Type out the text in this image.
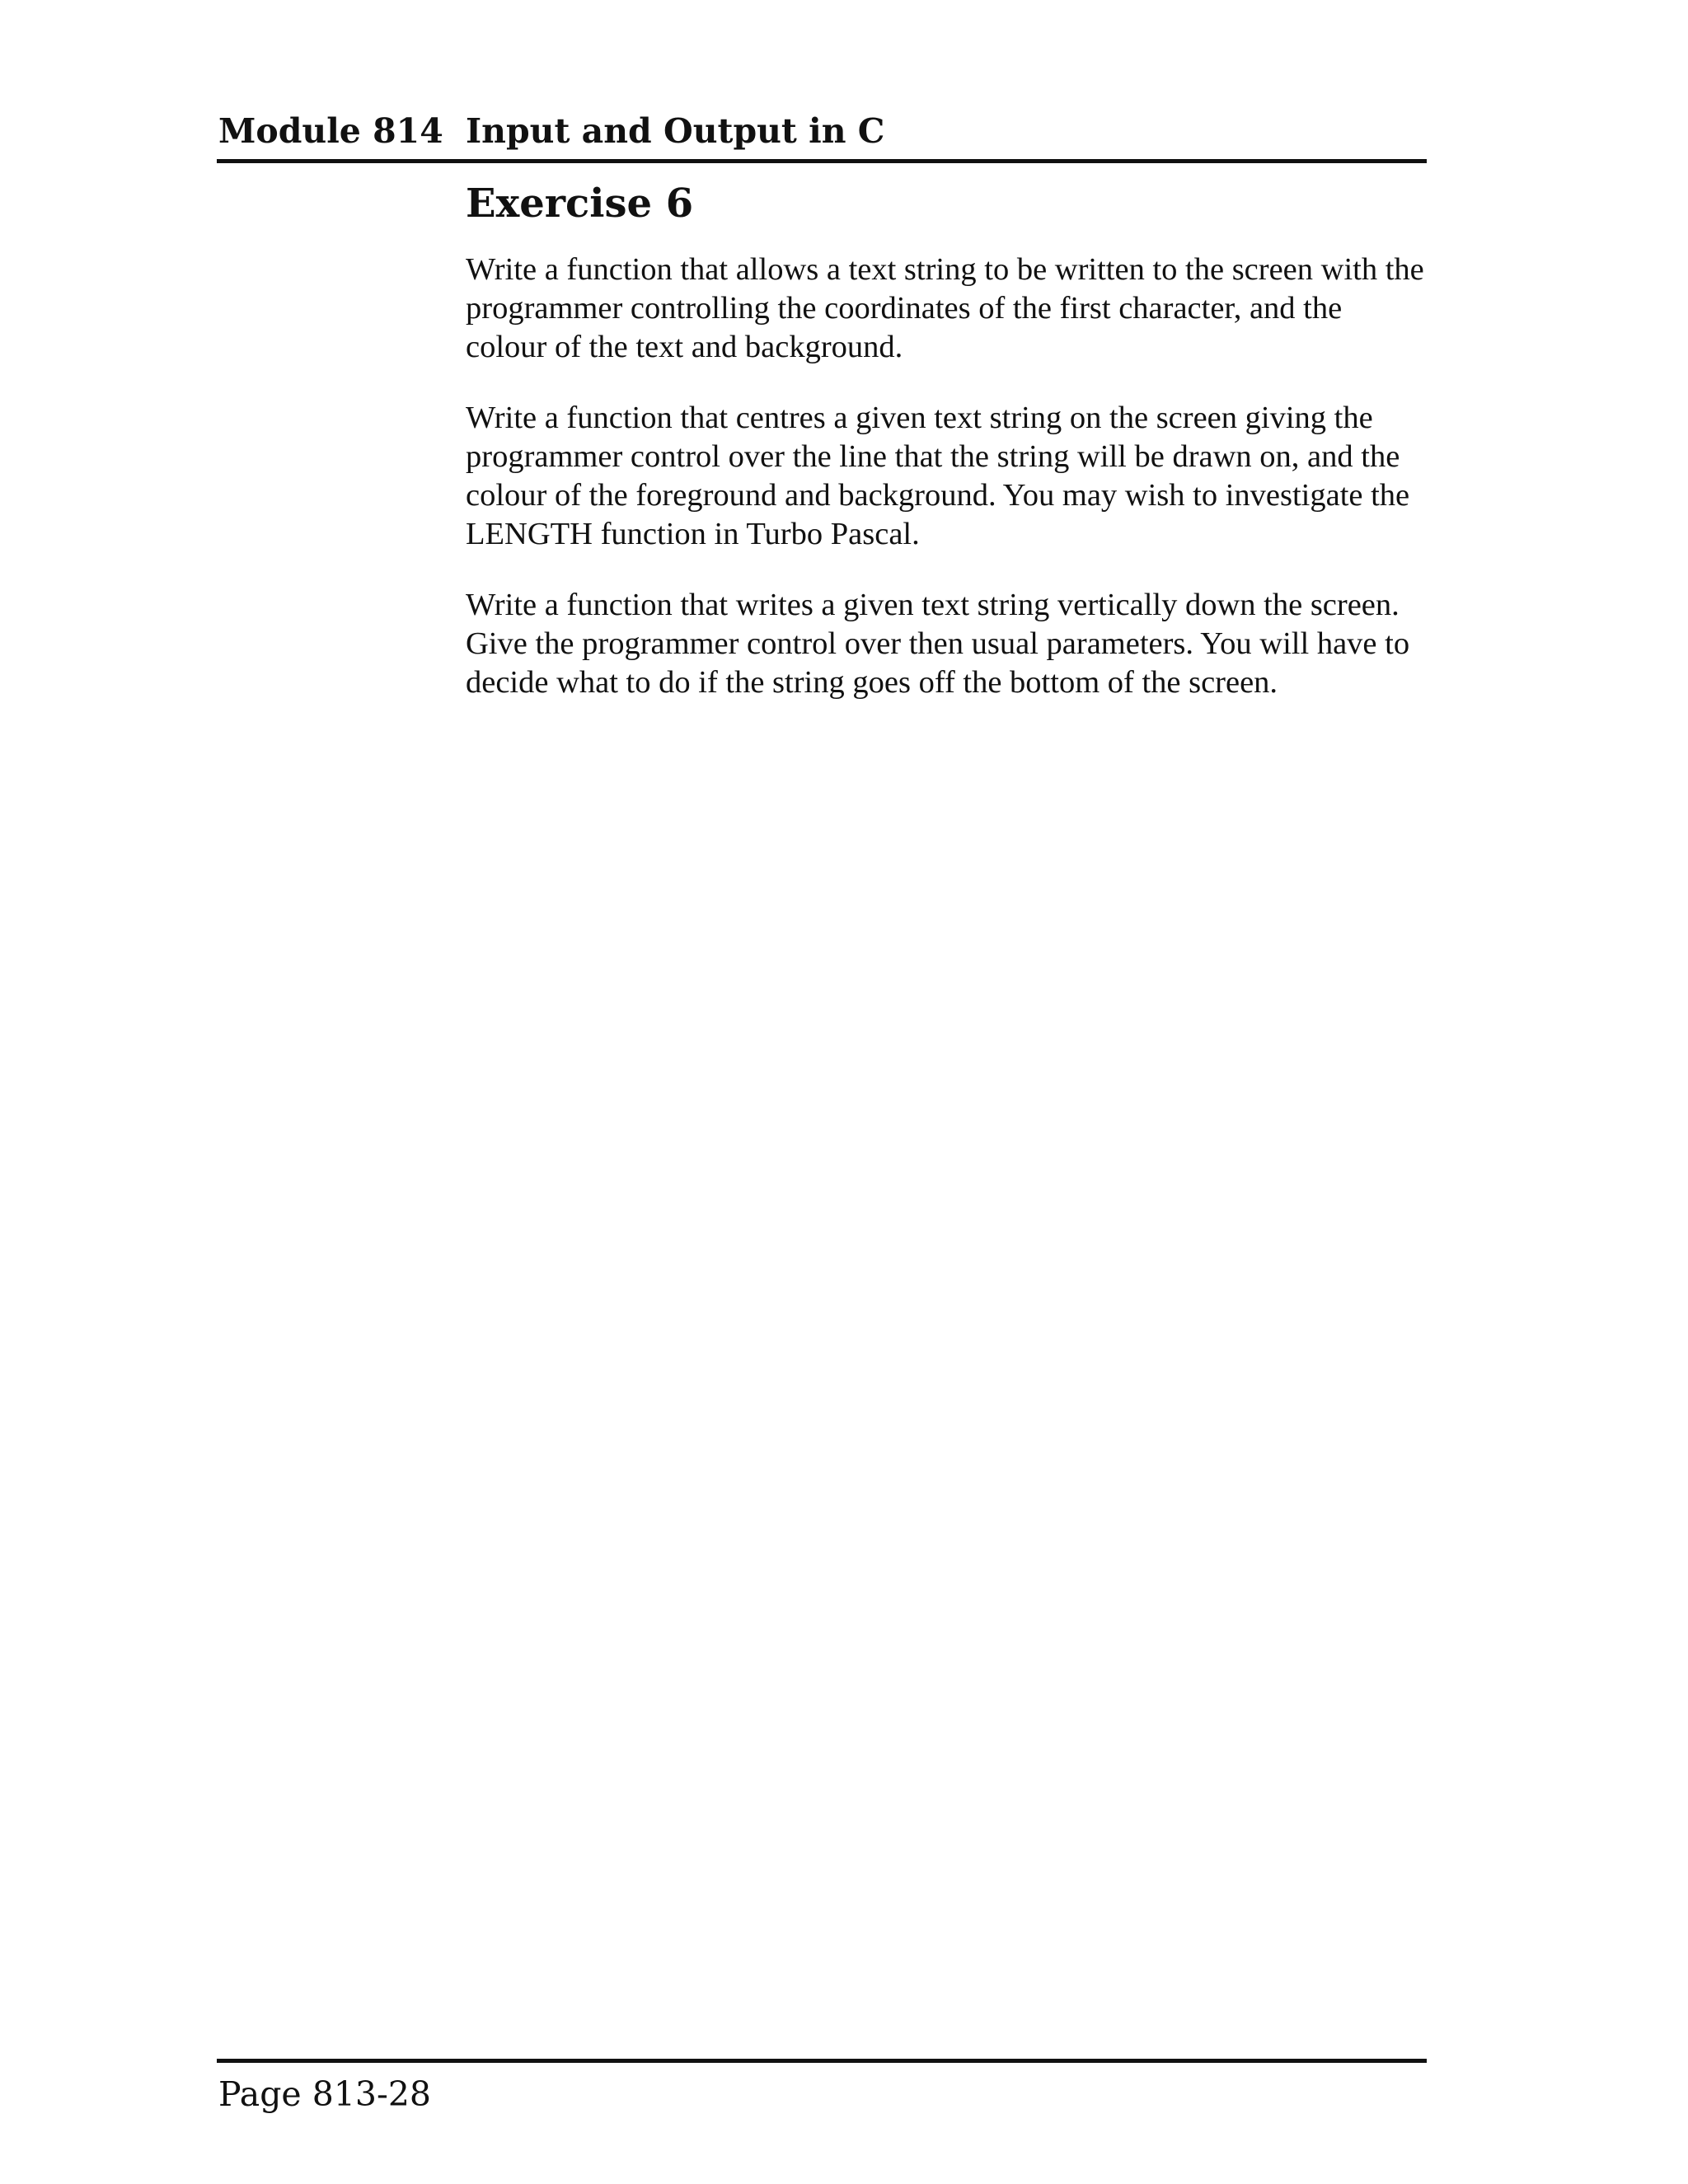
Module 814 Input and Output in C
Exercise 6

Write a function that allows a text string to be written to the screen with the programmer controlling the coordinates of the first character, and the colour of the text and background.

Write a function that centres a given text string on the screen giving the programmer control over the line that the string will be drawn on, and the colour of the foreground and background. You may wish to investigate the LENGTH function in Turbo Pascal.

Write a function that writes a given text string vertically down the screen. Give the programmer control over then usual parameters. You will have to decide what to do if the string goes off the bottom of the screen.

Page 813-28
